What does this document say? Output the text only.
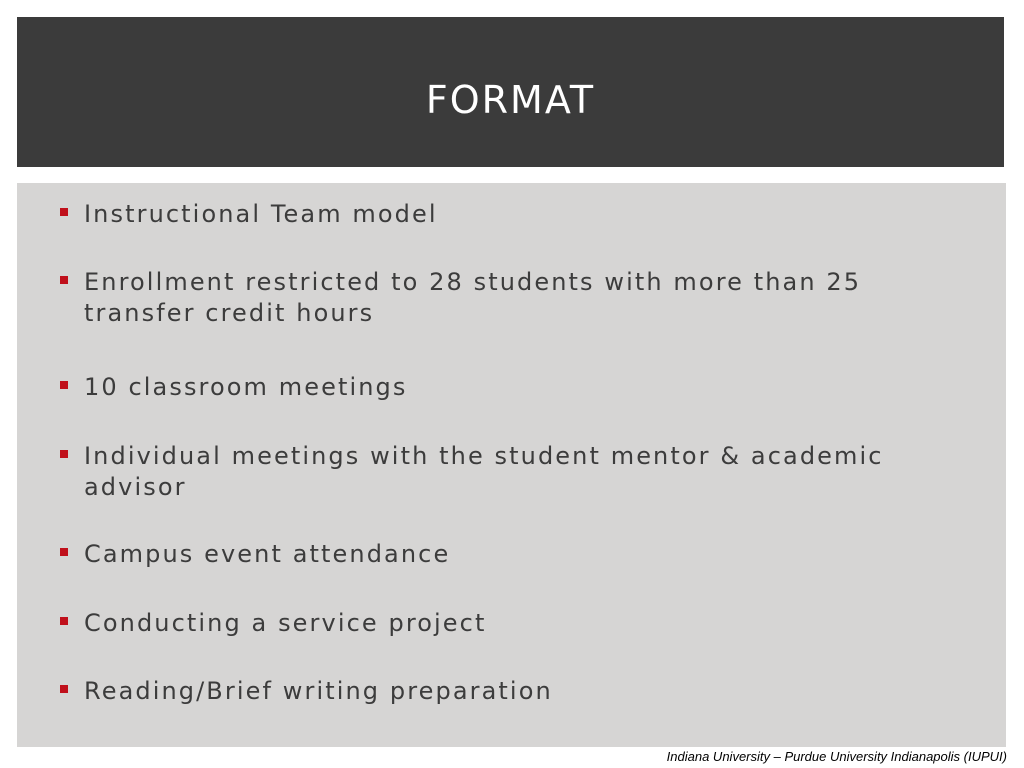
FORMAT
Instructional Team model
Enrollment restricted to 28 students with more than 25 transfer credit hours
10 classroom meetings
Individual meetings with the student mentor & academic advisor
Campus event attendance
Conducting a service project
Reading/Brief writing preparation
Indiana University – Purdue University Indianapolis (IUPUI)
